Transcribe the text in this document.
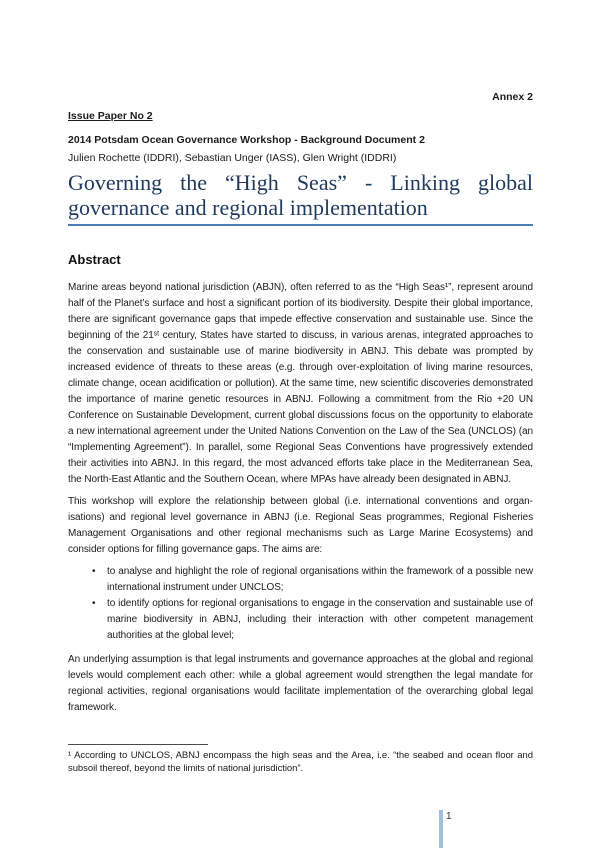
Annex 2
Issue Paper No 2
2014 Potsdam Ocean Governance Workshop - Background Document 2
Julien Rochette (IDDRI), Sebastian Unger (IASS), Glen Wright (IDDRI)
Governing the “High Seas” - Linking global
governance and regional implementation
Abstract

Marine areas beyond national jurisdiction (ABJN), often referred to as the “High Seas¹”, represent around half of the Planet’s surface and host a significant portion of its biodiversity. Despite their global importance, there are significant governance gaps that impede effective conservation and sustainable use. Since the beginning of the 21ˢᵗ century, States have started to discuss, in various arenas, integrated approaches to the conservation and sustainable use of marine biodiversity in ABNJ. This debate was prompted by increased evidence of threats to these areas (e.g. through over-exploitation of living marine resources, climate change, ocean acidification or pollution). At the same time, new scientific discoveries demonstrated the importance of marine genetic resources in ABNJ. Following a commitment from the Rio +20 UN Conference on Sustainable Development, current global discussions focus on the opportunity to elaborate a new international agreement under the United Nations Convention on the Law of the Sea (UNCLOS) (an “Implementing Agreement”). In parallel, some Regional Seas Conventions have progressively extended their activities into ABNJ. In this regard, the most advanced efforts take place in the Mediterranean Sea, the North-East Atlantic and the Southern Ocean, where MPAs have already been designated in ABNJ.

This workshop will explore the relationship between global (i.e. international conventions and organisations) and regional level governance in ABNJ (i.e. Regional Seas programmes, Regional Fisheries Management Organisations and other regional mechanisms such as Large Marine Ecosystems) and consider options for filling governance gaps. The aims are:

•	to analyse and highlight the role of regional organisations within the framework of a possible new international instrument under UNCLOS;
•	to identify options for regional organisations to engage in the conservation and sustainable use of marine biodiversity in ABNJ, including their interaction with other competent management authorities at the global level;

An underlying assumption is that legal instruments and governance approaches at the global and regional levels would complement each other: while a global agreement would strengthen the legal mandate for regional activities, regional organisations would facilitate implementation of the overarching global legal framework.

¹ According to UNCLOS, ABNJ encompass the high seas and the Area, i.e. “the seabed and ocean floor and subsoil thereof, beyond the limits of national jurisdiction”.
1
